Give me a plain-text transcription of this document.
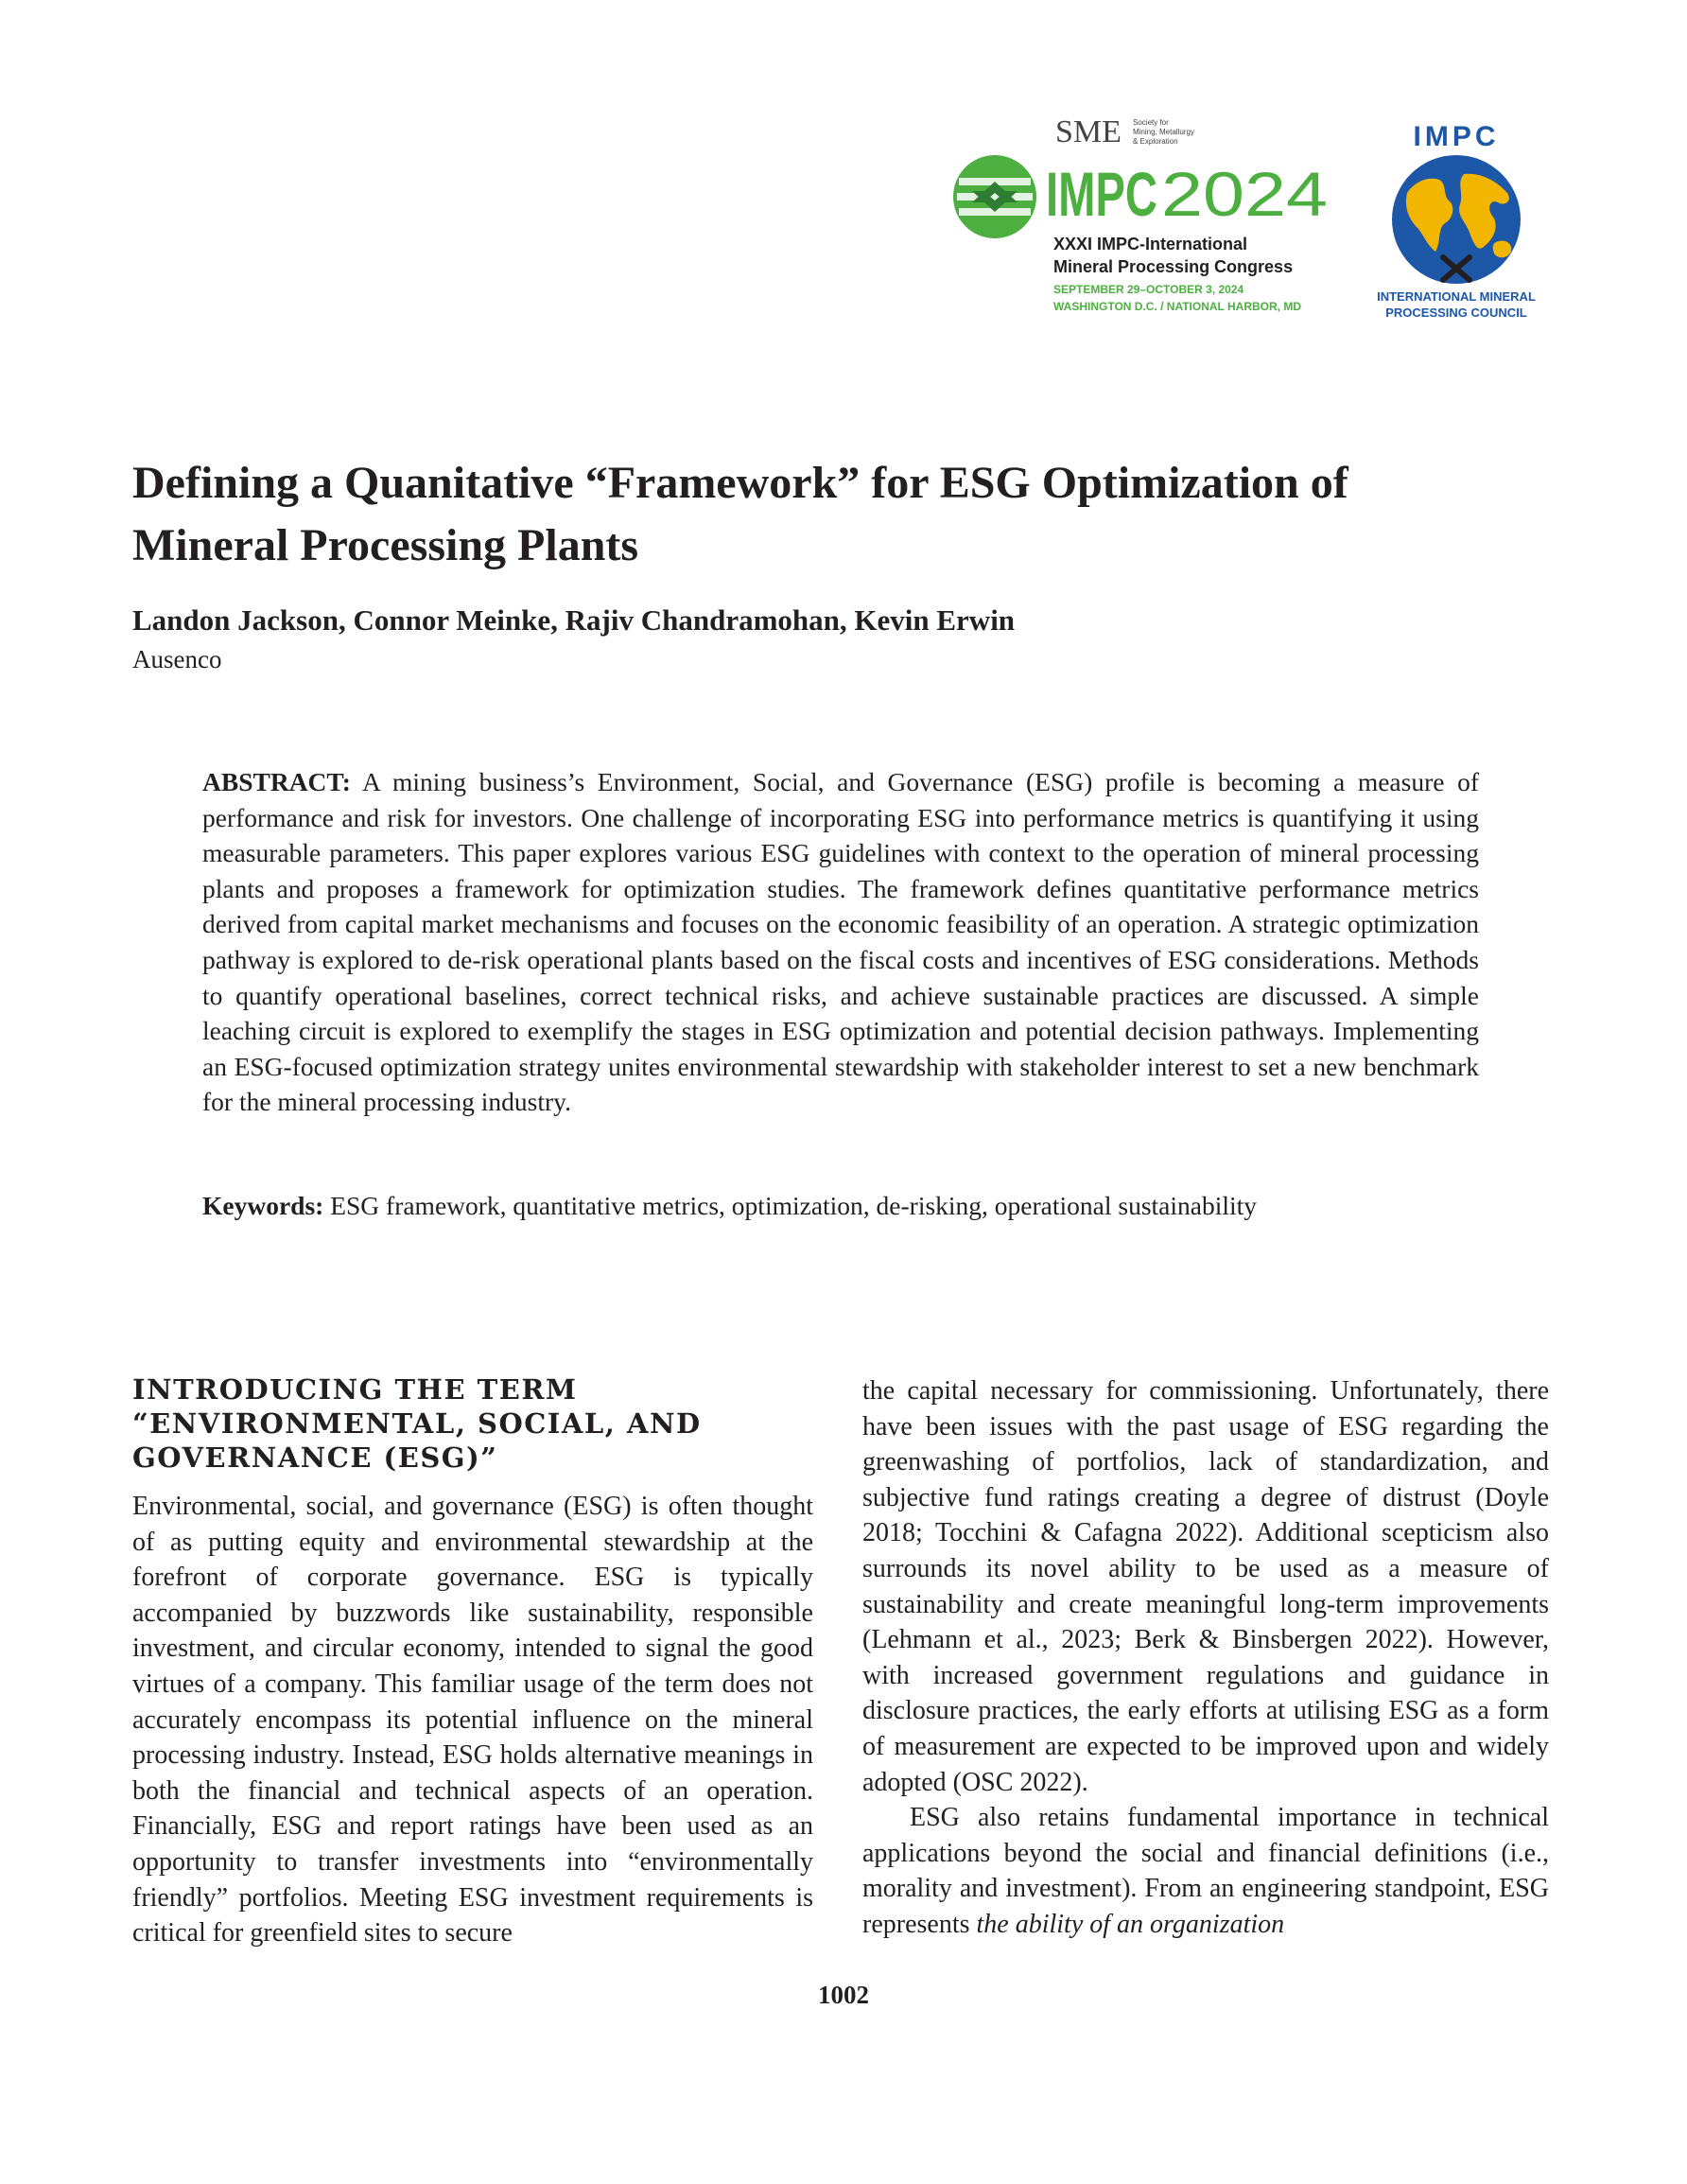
SME Society for
Mining, Metallurgy
& Exploration
IMPC 2024
XXXI IMPC-International
Mineral Processing Congress
SEPTEMBER 29–OCTOBER 3, 2024
WASHINGTON D.C. / NATIONAL HARBOR, MD
IMPC
INTERNATIONAL MINERAL
PROCESSING COUNCIL
Defining a Quanitative “Framework” for ESG Optimization of
Mineral Processing Plants

Landon Jackson, Connor Meinke, Rajiv Chandramohan, Kevin Erwin

Ausenco

ABSTRACT: A mining business’s Environment, Social, and Governance (ESG) profile is becoming a measure of performance and risk for investors. One challenge of incorporating ESG into performance metrics is quantifying it using measurable parameters. This paper explores various ESG guidelines with context to the operation of mineral processing plants and proposes a framework for optimization studies. The framework defines quantitative performance metrics derived from capital market mechanisms and focuses on the economic feasibility of an operation. A strategic optimization pathway is explored to de-risk operational plants based on the fiscal costs and incentives of ESG considerations. Methods to quantify operational baselines, correct technical risks, and achieve sustainable practices are discussed. A simple leaching circuit is explored to exemplify the stages in ESG optimization and potential decision pathways. Implementing an ESG-focused optimization strategy unites environmental stewardship with stakeholder interest to set a new benchmark for the mineral processing industry.

Keywords: ESG framework, quantitative metrics, optimization, de-risking, operational sustainability

INTRODUCING THE TERM
“ENVIRONMENTAL, SOCIAL, AND
GOVERNANCE (ESG)”

Environmental, social, and governance (ESG) is often thought of as putting equity and environmental stewardship at the forefront of corporate governance. ESG is typically accompanied by buzzwords like sustainability, responsible investment, and circular economy, intended to signal the good virtues of a company. This familiar usage of the term does not accurately encompass its potential influence on the mineral processing industry. Instead, ESG holds alternative meanings in both the financial and technical aspects of an operation. Financially, ESG and report ratings have been used as an opportunity to transfer investments into “environmentally friendly” portfolios. Meeting ESG investment requirements is critical for greenfield sites to secure

the capital necessary for commissioning. Unfortunately, there have been issues with the past usage of ESG regarding the greenwashing of portfolios, lack of standardization, and subjective fund ratings creating a degree of distrust (Doyle 2018; Tocchini & Cafagna 2022). Additional scepticism also surrounds its novel ability to be used as a measure of sustainability and create meaningful long-term improvements (Lehmann et al., 2023; Berk & Binsbergen 2022). However, with increased government regulations and guidance in disclosure practices, the early efforts at utilising ESG as a form of measurement are expected to be improved upon and widely adopted (OSC 2022).

ESG also retains fundamental importance in technical applications beyond the social and financial definitions (i.e., morality and investment). From an engineering standpoint, ESG represents the ability of an organization

1002
